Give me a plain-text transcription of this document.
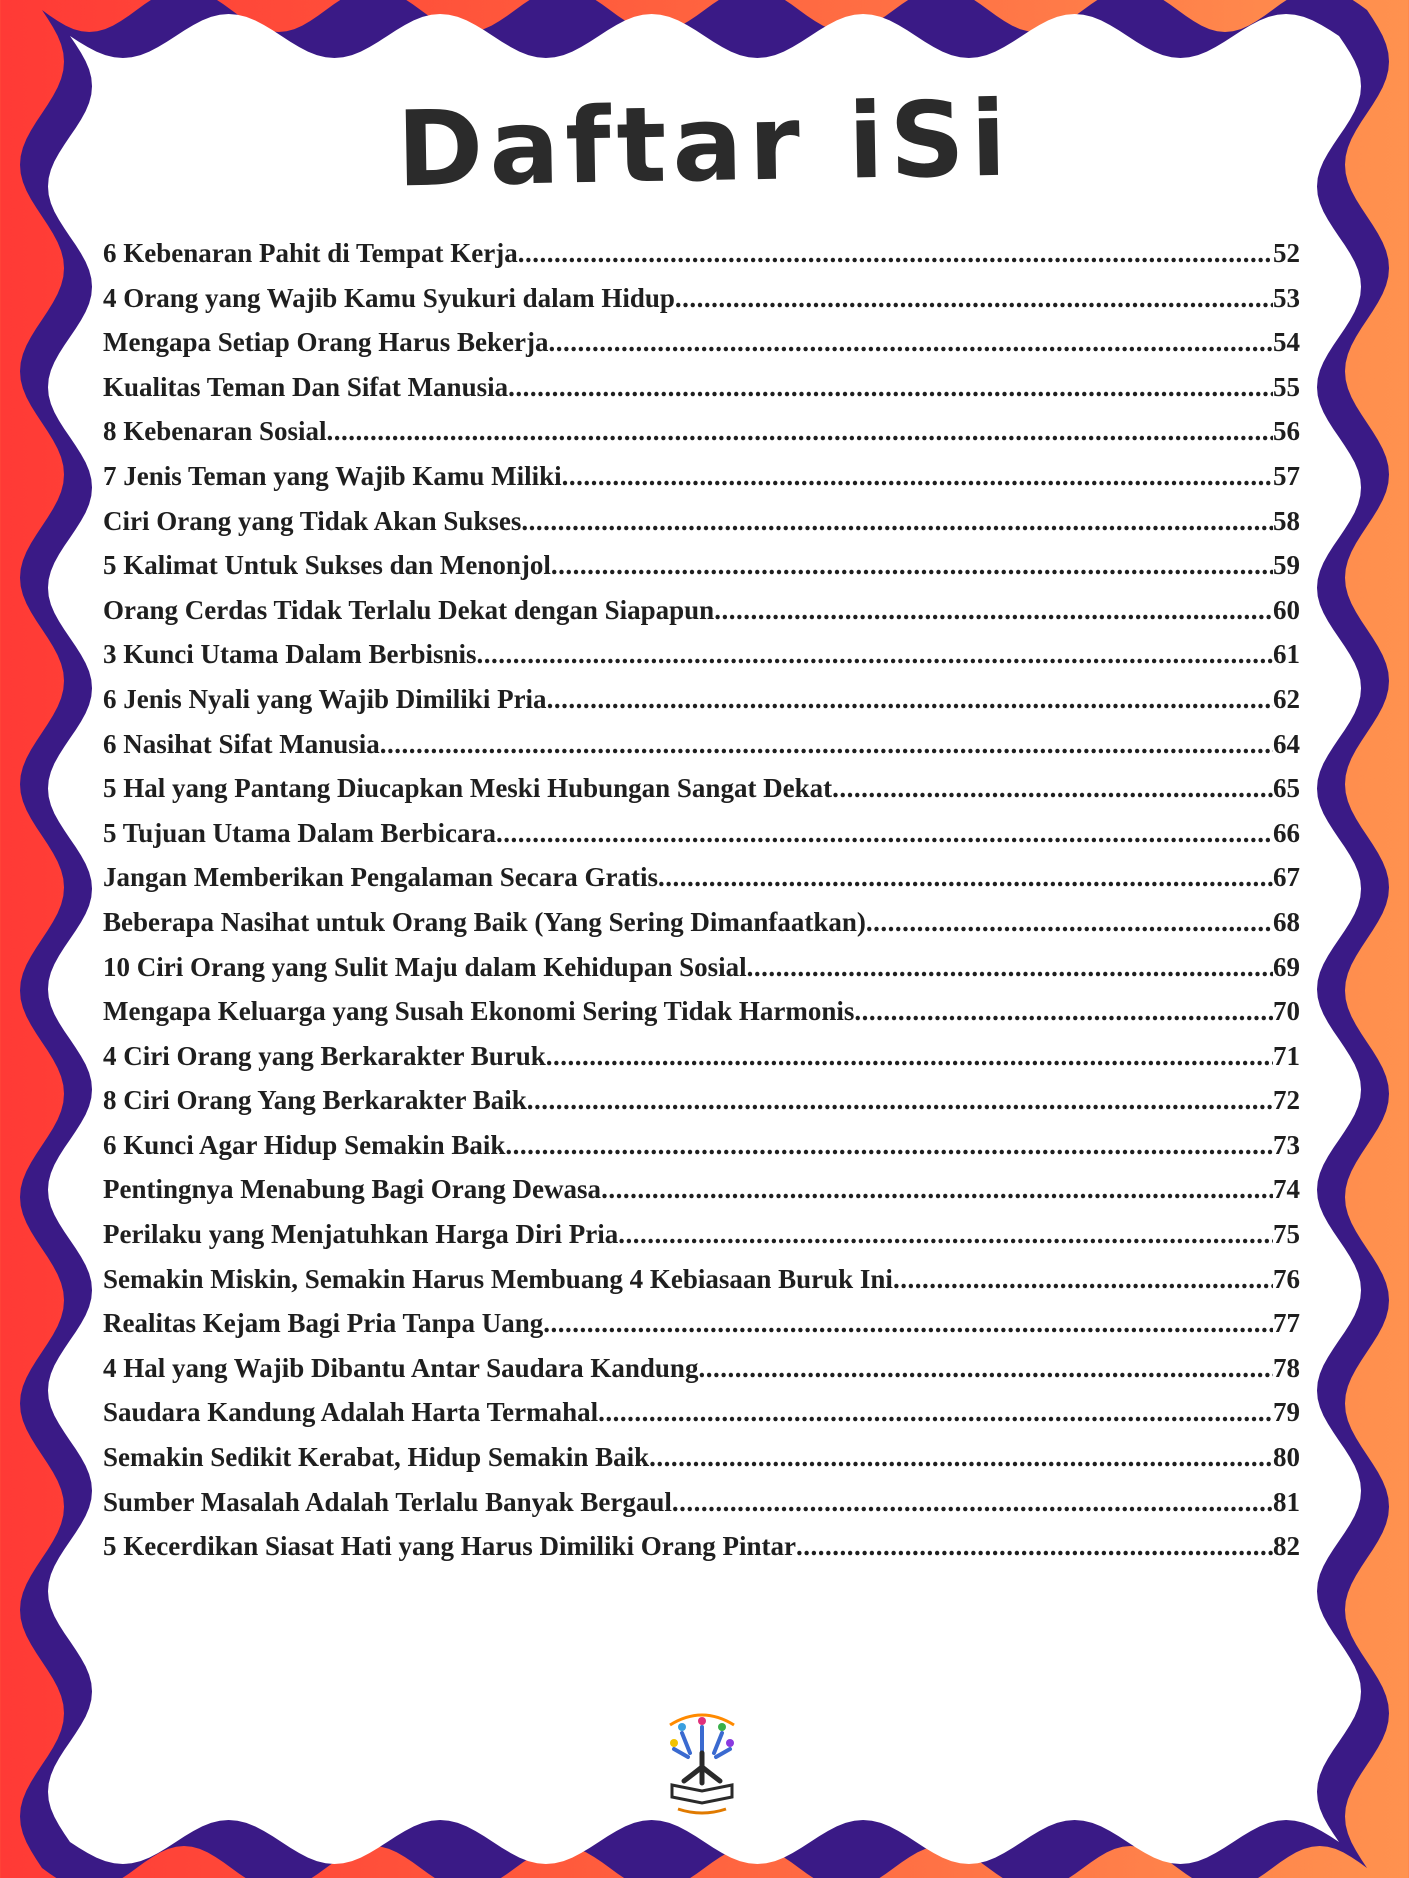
Daftar iSi
6 Kebenaran Pahit di Tempat Kerja .....	52
4 Orang yang Wajib Kamu Syukuri dalam Hidup .....	53
Mengapa Setiap Orang Harus Bekerja .....	54
Kualitas Teman Dan Sifat Manusia .....	55
8 Kebenaran Sosial .....	56
7 Jenis Teman yang Wajib Kamu Miliki .....	57
Ciri Orang yang Tidak Akan Sukses .....	58
5 Kalimat Untuk Sukses dan Menonjol .....	59
Orang Cerdas Tidak Terlalu Dekat dengan Siapapun .....	60
3 Kunci Utama Dalam Berbisnis .....	61
6 Jenis Nyali yang Wajib Dimiliki Pria .....	62
6 Nasihat Sifat Manusia .....	64
5 Hal yang Pantang Diucapkan Meski Hubungan Sangat Dekat .....	65
5 Tujuan Utama Dalam Berbicara .....	66
Jangan Memberikan Pengalaman Secara Gratis .....	67
Beberapa Nasihat untuk Orang Baik (Yang Sering Dimanfaatkan) .....	68
10 Ciri Orang yang Sulit Maju dalam Kehidupan Sosial .....	69
Mengapa Keluarga yang Susah Ekonomi Sering Tidak Harmonis .....	70
4 Ciri Orang yang Berkarakter Buruk .....	71
8 Ciri Orang Yang Berkarakter Baik .....	72
6 Kunci Agar Hidup Semakin Baik .....	73
Pentingnya Menabung Bagi Orang Dewasa .....	74
Perilaku yang Menjatuhkan Harga Diri Pria .....	75
Semakin Miskin, Semakin Harus Membuang 4 Kebiasaan Buruk Ini .....	76
Realitas Kejam Bagi Pria Tanpa Uang .....	77
4 Hal yang Wajib Dibantu Antar Saudara Kandung .....	78
Saudara Kandung Adalah Harta Termahal .....	79
Semakin Sedikit Kerabat, Hidup Semakin Baik .....	80
Sumber Masalah Adalah Terlalu Banyak Bergaul .....	81
5 Kecerdikan Siasat Hati yang Harus Dimiliki Orang Pintar .....	82
